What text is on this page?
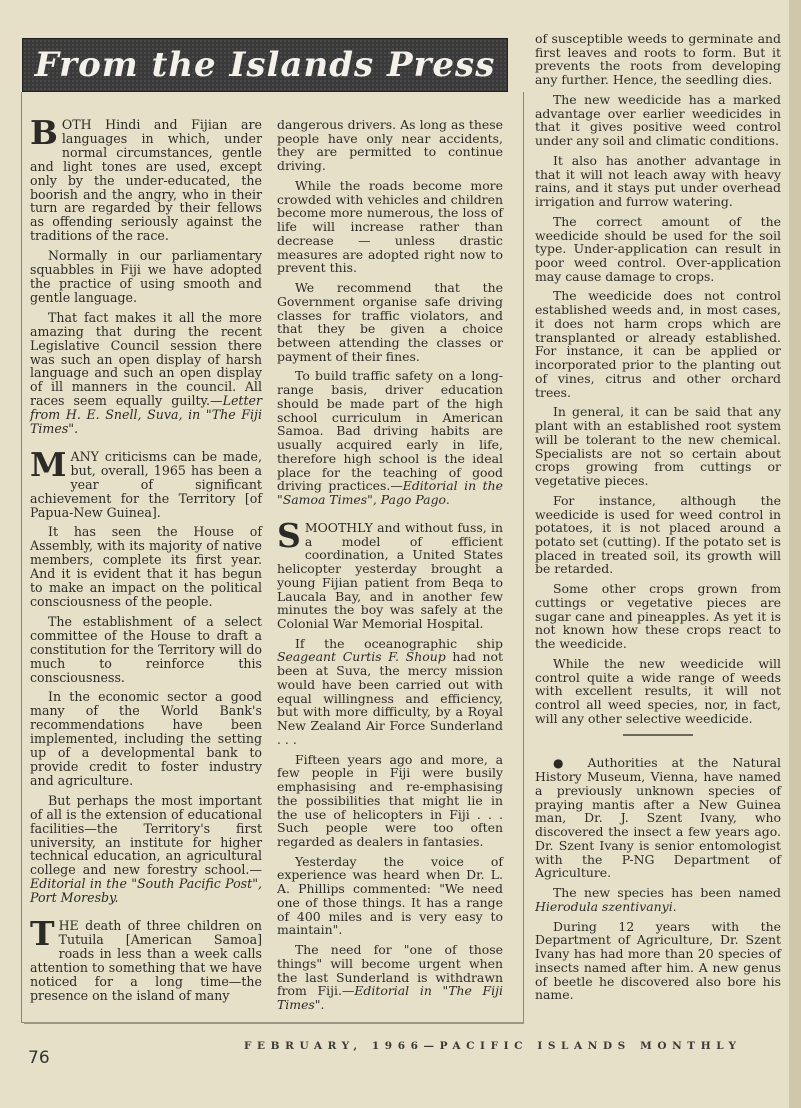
From the Islands Press

BOTH Hindi and Fijian are languages in which, under normal circumstances, gentle and light tones are used, except only by the under-educated, the boorish and the angry, who in their turn are regarded by their fellows as offending seriously against the traditions of the race.

Normally in our parliamentary squabbles in Fiji we have adopted the practice of using smooth and gentle language.

That fact makes it all the more amazing that during the recent Legislative Council session there was such an open display of harsh language and such an open display of ill manners in the council. All races seem equally guilty.—Letter from H. E. Snell, Suva, in "The Fiji Times".

MANY criticisms can be made, but, overall, 1965 has been a year of significant achievement for the Territory [of Papua-New Guinea].

It has seen the House of Assembly, with its majority of native members, complete its first year. And it is evident that it has begun to make an impact on the political consciousness of the people.

The establishment of a select committee of the House to draft a constitution for the Territory will do much to reinforce this consciousness.

In the economic sector a good many of the World Bank's recommendations have been implemented, including the setting up of a developmental bank to provide credit to foster industry and agriculture.

But perhaps the most important of all is the extension of educational facilities—the Territory's first university, an institute for higher technical education, an agricultural college and new forestry school.—Editorial in the "South Pacific Post", Port Moresby.

THE death of three children on Tutuila [American Samoa] roads in less than a week calls attention to something that we have noticed for a long time—the presence on the island of many

dangerous drivers. As long as these people have only near accidents, they are permitted to continue driving.

While the roads become more crowded with vehicles and children become more numerous, the loss of life will increase rather than decrease — unless drastic measures are adopted right now to prevent this.

We recommend that the Government organise safe driving classes for traffic violators, and that they be given a choice between attending the classes or payment of their fines.

To build traffic safety on a long-range basis, driver education should be made part of the high school curriculum in American Samoa. Bad driving habits are usually acquired early in life, therefore high school is the ideal place for the teaching of good driving practices.—Editorial in the "Samoa Times", Pago Pago.

SMOOTHLY and without fuss, in a model of efficient coordination, a United States helicopter yesterday brought a young Fijian patient from Beqa to Laucala Bay, and in another few minutes the boy was safely at the Colonial War Memorial Hospital.

If the oceanographic ship Seageant Curtis F. Shoup had not been at Suva, the mercy mission would have been carried out with equal willingness and efficiency, but with more difficulty, by a Royal New Zealand Air Force Sunderland . . .

Fifteen years ago and more, a few people in Fiji were busily emphasising and re-emphasising the possibilities that might lie in the use of helicopters in Fiji . . . Such people were too often regarded as dealers in fantasies.

Yesterday the voice of experience was heard when Dr. L. A. Phillips commented: "We need one of those things. It has a range of 400 miles and is very easy to maintain".

The need for "one of those things" will become urgent when the last Sunderland is withdrawn from Fiji.—Editorial in "The Fiji Times".

of susceptible weeds to germinate and first leaves and roots to form. But it prevents the roots from developing any further. Hence, the seedling dies.

The new weedicide has a marked advantage over earlier weedicides in that it gives positive weed control under any soil and climatic conditions.

It also has another advantage in that it will not leach away with heavy rains, and it stays put under overhead irrigation and furrow watering.

The correct amount of the weedicide should be used for the soil type. Under-application can result in poor weed control. Over-application may cause damage to crops.

The weedicide does not control established weeds and, in most cases, it does not harm crops which are transplanted or already established. For instance, it can be applied or incorporated prior to the planting out of vines, citrus and other orchard trees.

In general, it can be said that any plant with an established root system will be tolerant to the new chemical. Specialists are not so certain about crops growing from cuttings or vegetative pieces.

For instance, although the weedicide is used for weed control in potatoes, it is not placed around a potato set (cutting). If the potato set is placed in treated soil, its growth will be retarded.

Some other crops grown from cuttings or vegetative pieces are sugar cane and pineapples. As yet it is not known how these crops react to the weedicide.

While the new weedicide will control quite a wide range of weeds with excellent results, it will not control all weed species, nor, in fact, will any other selective weedicide.

● Authorities at the Natural History Museum, Vienna, have named a previously unknown species of praying mantis after a New Guinea man, Dr. J. Szent Ivany, who discovered the insect a few years ago. Dr. Szent Ivany is senior entomologist with the P-NG Department of Agriculture.

The new species has been named Hierodula szentivanyi.

During 12 years with the Department of Agriculture, Dr. Szent Ivany has had more than 20 species of insects named after him. A new genus of beetle he discovered also bore his name.

76
FEBRUARY, 1966—PACIFIC ISLANDS MONTHLY
